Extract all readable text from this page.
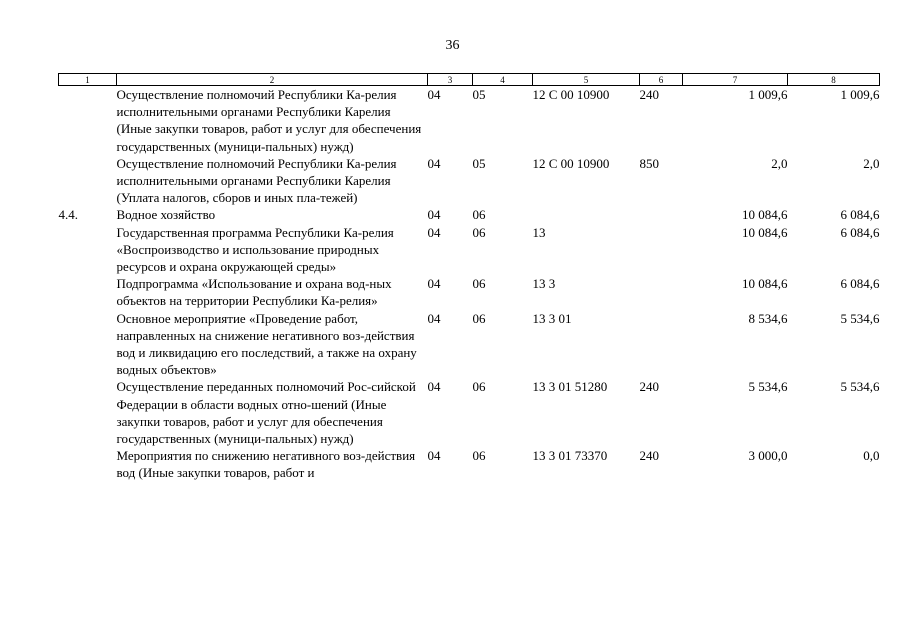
36
1	2	3	4	5	6	7	8
	Осуществление полномочий Республики Ка-релия исполнительными органами Республики Карелия (Иные закупки товаров, работ и услуг для обеспечения государственных (муници-пальных) нужд)	04	05	12 С 00 10900	240	1 009,6	1 009,6
	Осуществление полномочий Республики Ка-релия исполнительными органами Республики Карелия (Уплата налогов, сборов и иных пла-тежей)	04	05	12 С 00 10900	850	2,0	2,0
4.4.	Водное хозяйство	04	06			10 084,6	6 084,6
	Государственная программа Республики Ка-релия «Воспроизводство и использование природных ресурсов и охрана окружающей среды»	04	06	13		10 084,6	6 084,6
	Подпрограмма «Использование и охрана вод-ных объектов на территории Республики Ка-релия»	04	06	13 3		10 084,6	6 084,6
	Основное мероприятие «Проведение работ, направленных на снижение негативного воз-действия вод и ликвидацию его последствий, а также на охрану водных объектов»	04	06	13 3 01		8 534,6	5 534,6
	Осуществление переданных полномочий Рос-сийской Федерации в области водных отно-шений (Иные закупки товаров, работ и услуг для обеспечения государственных (муници-пальных) нужд)	04	06	13 3 01 51280	240	5 534,6	5 534,6
	Мероприятия по снижению негативного воз-действия вод (Иные закупки товаров, работ и	04	06	13 3 01 73370	240	3 000,0	0,0
